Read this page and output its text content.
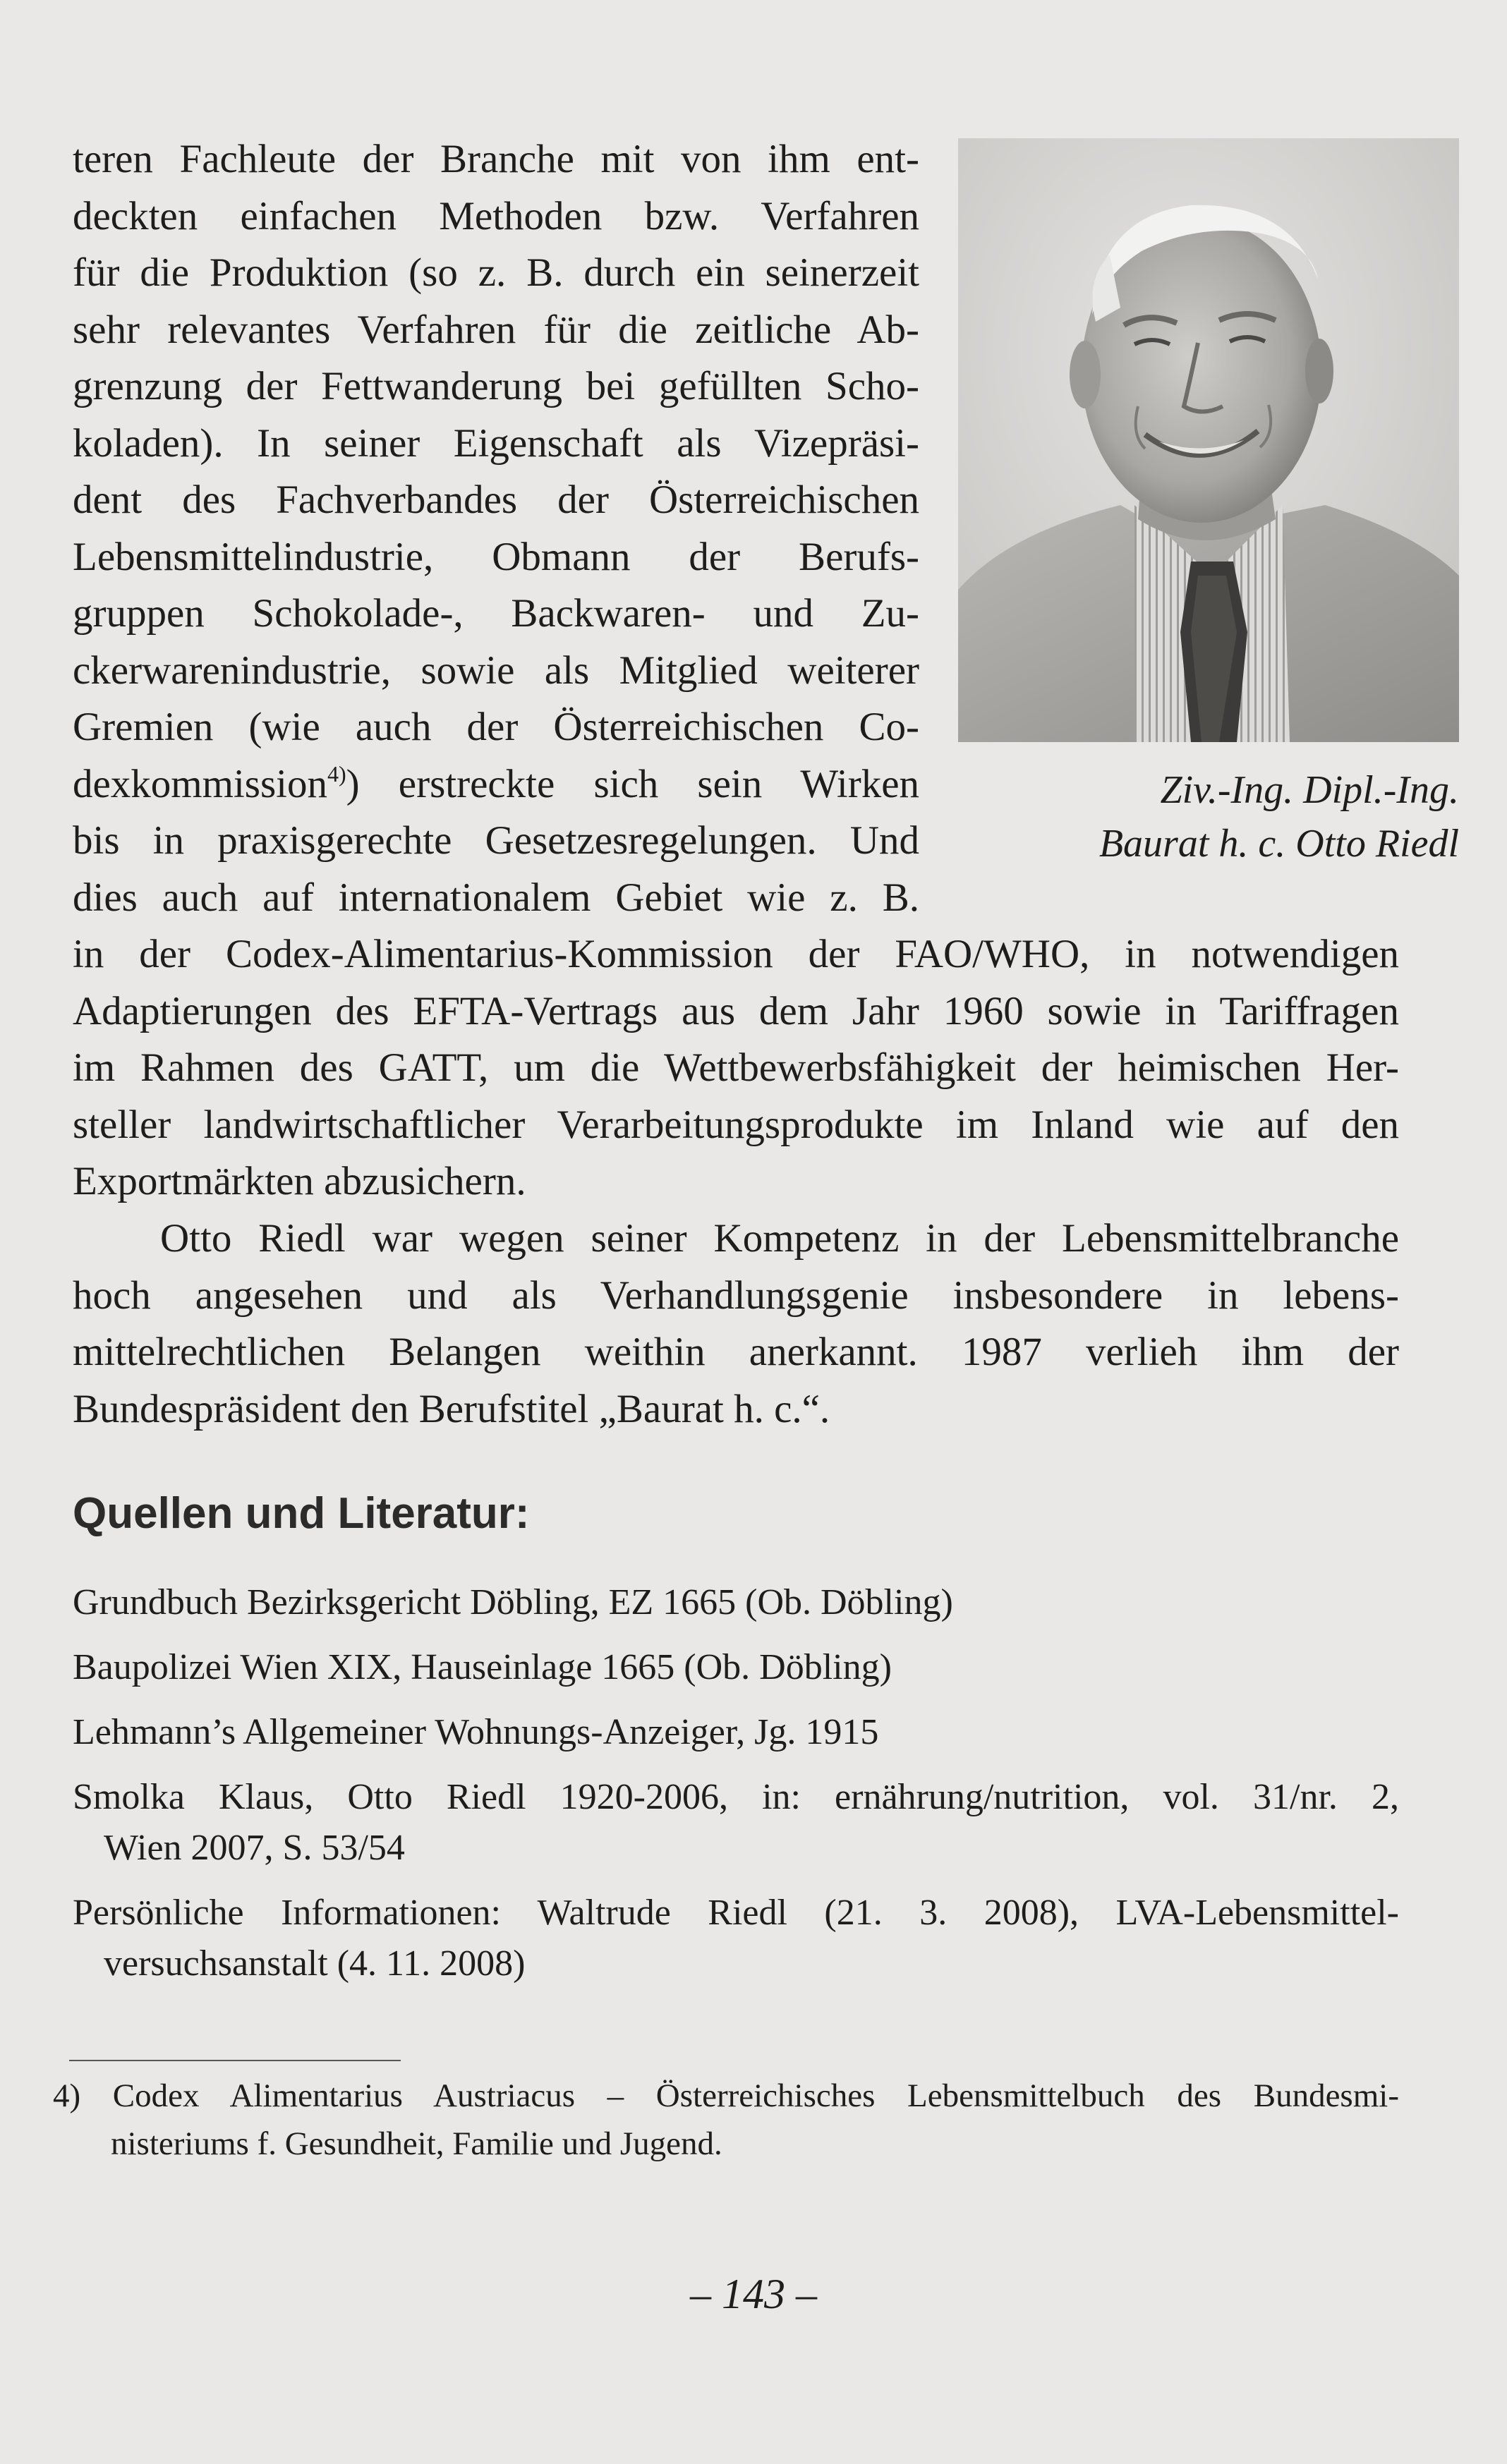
teren Fachleute der Branche mit von ihm ent-
deckten einfachen Methoden bzw. Verfahren
für die Produktion (so z. B. durch ein seinerzeit
sehr relevantes Verfahren für die zeitliche Ab-
grenzung der Fettwanderung bei gefüllten Scho-
koladen). In seiner Eigenschaft als Vizepräsi-
dent des Fachverbandes der Österreichischen
Lebensmittelindustrie, Obmann der Berufs-
gruppen Schokolade-, Backwaren- und Zu-
ckerwarenindustrie, sowie als Mitglied weiterer
Gremien (wie auch der Österreichischen Co-
dexkommission$^{4)}$) erstreckte sich sein Wirken
bis in praxisgerechte Gesetzesregelungen. Und
dies auch auf internationalem Gebiet wie z. B.
Ziv.-Ing. Dipl.-Ing.
Baurat h. c. Otto Riedl
in der Codex-Alimentarius-Kommission der FAO/WHO, in notwendigen
Adaptierungen des EFTA-Vertrags aus dem Jahr 1960 sowie in Tariffragen
im Rahmen des GATT, um die Wettbewerbsfähigkeit der heimischen Her-
steller landwirtschaftlicher Verarbeitungsprodukte im Inland wie auf den
Exportmärkten abzusichern.
Otto Riedl war wegen seiner Kompetenz in der Lebensmittelbranche
hoch angesehen und als Verhandlungsgenie insbesondere in lebens-
mittelrechtlichen Belangen weithin anerkannt. 1987 verlieh ihm der
Bundespräsident den Berufstitel „Baurat h. c.“.
Quellen und Literatur:
Grundbuch Bezirksgericht Döbling, EZ 1665 (Ob. Döbling)
Baupolizei Wien XIX, Hauseinlage 1665 (Ob. Döbling)
Lehmann’s Allgemeiner Wohnungs-Anzeiger, Jg. 1915
Smolka Klaus, Otto Riedl 1920-2006, in: ernährung/nutrition, vol. 31/nr. 2,
Wien 2007, S. 53/54
Persönliche Informationen: Waltrude Riedl (21. 3. 2008), LVA-Lebensmittel-
versuchsanstalt (4. 11. 2008)
4) Codex Alimentarius Austriacus – Österreichisches Lebensmittelbuch des Bundesmi-
nisteriums f. Gesundheit, Familie und Jugend.
– 143 –
